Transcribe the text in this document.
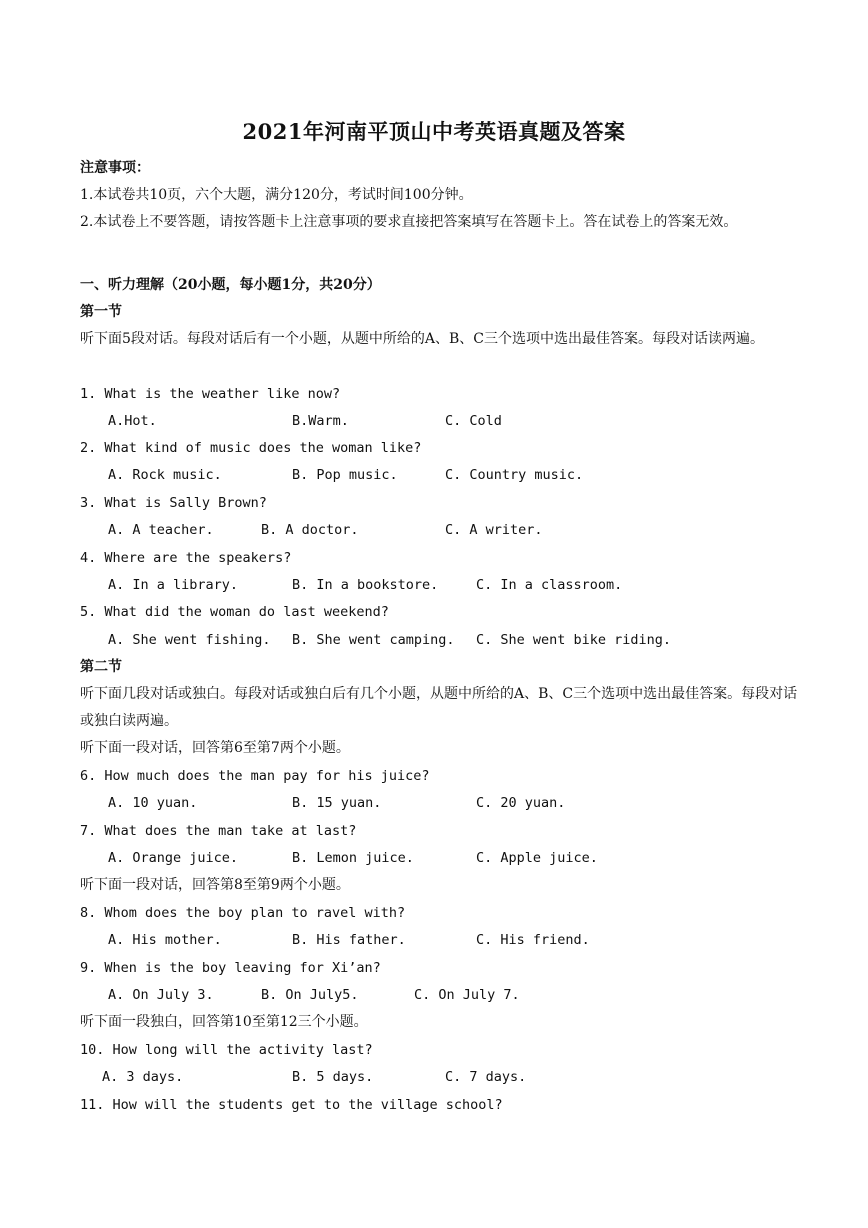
2021年河南平顶山中考英语真题及答案
注意事项：
1.本试卷共10页，六个大题，满分120分，考试时间100分钟。
2.本试卷上不要答题，请按答题卡上注意事项的要求直接把答案填写在答题卡上。答在试卷上的答案无效。
一、听力理解（20小题，每小题1分，共20分）
第一节
听下面5段对话。每段对话后有一个小题，从题中所给的A、B、C三个选项中选出最佳答案。每段对话读两遍。
1. What is the weather like now?
A.Hot.	B.Warm.	C. Cold
2. What kind of music does the woman like?
A. Rock music.	B. Pop music.	C. Country music.
3. What is Sally Brown?
A. A teacher.	B. A doctor.	C. A writer.
4. Where are the speakers?
A. In a library.	B. In a bookstore.	C. In a classroom.
5. What did the woman do last weekend?
A. She went fishing. B. She went camping. C. She went bike riding.
第二节
听下面几段对话或独白。每段对话或独白后有几个小题，从题中所给的A、B、C三个选项中选出最佳答案。每段对话或独白读两遍。
听下面一段对话，回答第6至第7两个小题。
6. How much does the man pay for his juice?
A. 10 yuan.	B. 15 yuan.	C. 20 yuan.
7. What does the man take at last?
A. Orange juice.	B. Lemon juice.	C. Apple juice.
听下面一段对话，回答第8至第9两个小题。
8. Whom does the boy plan to ravel with?
A. His mother.	B. His father.	C. His friend.
9. When is the boy leaving for Xi’an?
A. On July 3.	B. On July5.	C. On July 7.
听下面一段独白，回答第10至第12三个小题。
10. How long will the activity last?
A. 3 days.	B. 5 days.	C. 7 days.
11. How will the students get to the village school?
